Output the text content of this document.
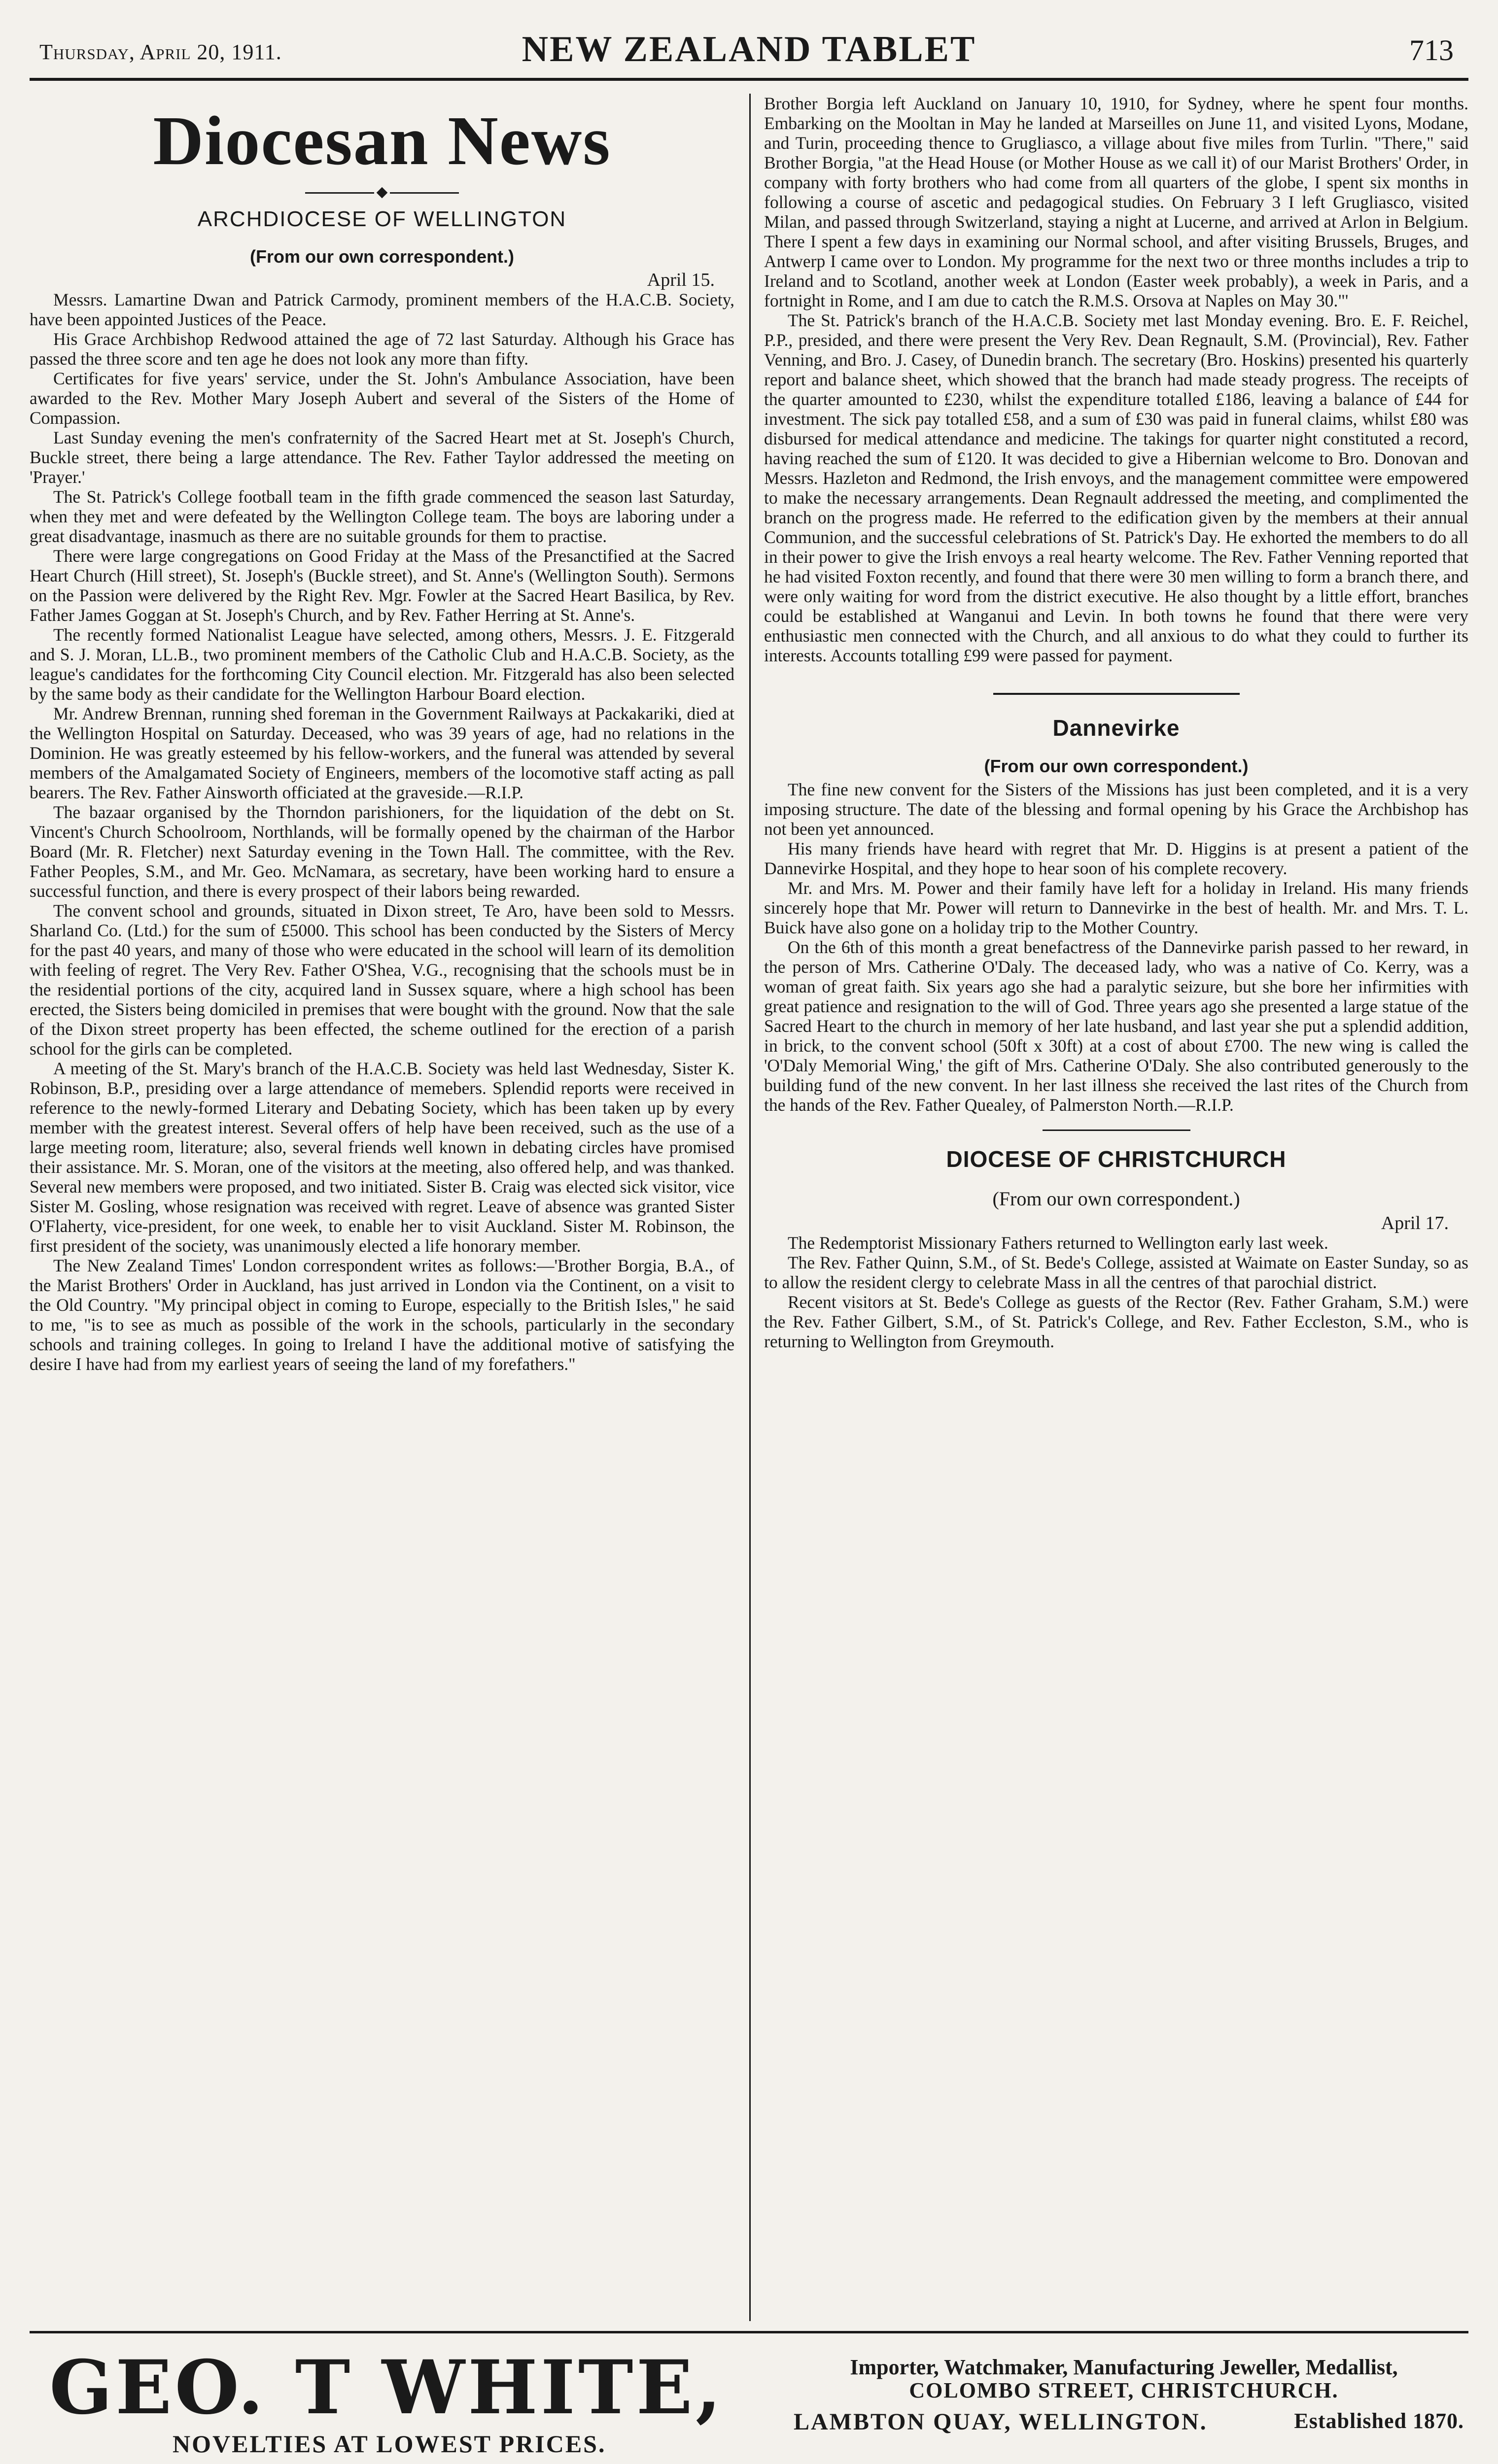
Thursday, April 20, 1911.	NEW ZEALAND TABLET	713
Diocesan News
ARCHDIOCESE OF WELLINGTON
(From our own correspondent.)

April 15.

Messrs. Lamartine Dwan and Patrick Carmody, prominent members of the H.A.C.B. Society, have been appointed Justices of the Peace.

His Grace Archbishop Redwood attained the age of 72 last Saturday. Although his Grace has passed the three score and ten age he does not look any more than fifty.

Certificates for five years' service, under the St. John's Ambulance Association, have been awarded to the Rev. Mother Mary Joseph Aubert and several of the Sisters of the Home of Compassion.

Last Sunday evening the men's confraternity of the Sacred Heart met at St. Joseph's Church, Buckle street, there being a large attendance. The Rev. Father Taylor addressed the meeting on 'Prayer.'

The St. Patrick's College football team in the fifth grade commenced the season last Saturday, when they met and were defeated by the Wellington College team. The boys are laboring under a great disadvantage, inasmuch as there are no suitable grounds for them to practise.

There were large congregations on Good Friday at the Mass of the Presanctified at the Sacred Heart Church (Hill street), St. Joseph's (Buckle street), and St. Anne's (Wellington South). Sermons on the Passion were delivered by the Right Rev. Mgr. Fowler at the Sacred Heart Basilica, by Rev. Father James Goggan at St. Joseph's Church, and by Rev. Father Herring at St. Anne's.

The recently formed Nationalist League have selected, among others, Messrs. J. E. Fitzgerald and S. J. Moran, LL.B., two prominent members of the Catholic Club and H.A.C.B. Society, as the league's candidates for the forthcoming City Council election. Mr. Fitzgerald has also been selected by the same body as their candidate for the Wellington Harbour Board election.

Mr. Andrew Brennan, running shed foreman in the Government Railways at Packakariki, died at the Wellington Hospital on Saturday. Deceased, who was 39 years of age, had no relations in the Dominion. He was greatly esteemed by his fellow-workers, and the funeral was attended by several members of the Amalgamated Society of Engineers, members of the locomotive staff acting as pall bearers. The Rev. Father Ainsworth officiated at the graveside.—R.I.P.

The bazaar organised by the Thorndon parishioners, for the liquidation of the debt on St. Vincent's Church Schoolroom, Northlands, will be formally opened by the chairman of the Harbor Board (Mr. R. Fletcher) next Saturday evening in the Town Hall. The committee, with the Rev. Father Peoples, S.M., and Mr. Geo. McNamara, as secretary, have been working hard to ensure a successful function, and there is every prospect of their labors being rewarded.

The convent school and grounds, situated in Dixon street, Te Aro, have been sold to Messrs. Sharland Co. (Ltd.) for the sum of £5000. This school has been conducted by the Sisters of Mercy for the past 40 years, and many of those who were educated in the school will learn of its demolition with feeling of regret. The Very Rev. Father O'Shea, V.G., recognising that the schools must be in the residential portions of the city, acquired land in Sussex square, where a high school has been erected, the Sisters being domiciled in premises that were bought with the ground. Now that the sale of the Dixon street property has been effected, the scheme outlined for the erection of a parish school for the girls can be completed.

A meeting of the St. Mary's branch of the H.A.C.B. Society was held last Wednesday, Sister K. Robinson, B.P., presiding over a large attendance of memebers. Splendid reports were received in reference to the newly-formed Literary and Debating Society, which has been taken up by every member with the greatest interest. Several offers of help have been received, such as the use of a large meeting room, literature; also, several friends well known in debating circles have promised their assistance. Mr. S. Moran, one of the visitors at the meeting, also offered help, and was thanked. Several new members were proposed, and two initiated. Sister B. Craig was elected sick visitor, vice Sister M. Gosling, whose resignation was received with regret. Leave of absence was granted Sister O'Flaherty, vice-president, for one week, to enable her to visit Auckland. Sister M. Robinson, the first president of the society, was unanimously elected a life honorary member.

The New Zealand Times' London correspondent writes as follows:—'Brother Borgia, B.A., of the Marist Brothers' Order in Auckland, has just arrived in London via the Continent, on a visit to the Old Country. "My principal object in coming to Europe, especially to the British Isles," he said to me, "is to see as much as possible of the work in the schools, particularly in the secondary schools and training colleges. In going to Ireland I have the additional motive of satisfying the desire I have had from my earliest years of seeing the land of my forefathers."

Brother Borgia left Auckland on January 10, 1910, for Sydney, where he spent four months. Embarking on the Mooltan in May he landed at Marseilles on June 11, and visited Lyons, Modane, and Turin, proceeding thence to Grugliasco, a village about five miles from Turlin. "There," said Brother Borgia, "at the Head House (or Mother House as we call it) of our Marist Brothers' Order, in company with forty brothers who had come from all quarters of the globe, I spent six months in following a course of ascetic and pedagogical studies. On February 3 I left Grugliasco, visited Milan, and passed through Switzerland, staying a night at Lucerne, and arrived at Arlon in Belgium. There I spent a few days in examining our Normal school, and after visiting Brussels, Bruges, and Antwerp I came over to London. My programme for the next two or three months includes a trip to Ireland and to Scotland, another week at London (Easter week probably), a week in Paris, and a fortnight in Rome, and I am due to catch the R.M.S. Orsova at Naples on May 30."'

The St. Patrick's branch of the H.A.C.B. Society met last Monday evening. Bro. E. F. Reichel, P.P., presided, and there were present the Very Rev. Dean Regnault, S.M. (Provincial), Rev. Father Venning, and Bro. J. Casey, of Dunedin branch. The secretary (Bro. Hoskins) presented his quarterly report and balance sheet, which showed that the branch had made steady progress. The receipts of the quarter amounted to £230, whilst the expenditure totalled £186, leaving a balance of £44 for investment. The sick pay totalled £58, and a sum of £30 was paid in funeral claims, whilst £80 was disbursed for medical attendance and medicine. The takings for quarter night constituted a record, having reached the sum of £120. It was decided to give a Hibernian welcome to Bro. Donovan and Messrs. Hazleton and Redmond, the Irish envoys, and the management committee were empowered to make the necessary arrangements. Dean Regnault addressed the meeting, and complimented the branch on the progress made. He referred to the edification given by the members at their annual Communion, and the successful celebrations of St. Patrick's Day. He exhorted the members to do all in their power to give the Irish envoys a real hearty welcome. The Rev. Father Venning reported that he had visited Foxton recently, and found that there were 30 men willing to form a branch there, and were only waiting for word from the district executive. He also thought by a little effort, branches could be established at Wanganui and Levin. In both towns he found that there were very enthusiastic men connected with the Church, and all anxious to do what they could to further its interests. Accounts totalling £99 were passed for payment.

Dannevirke
(From our own correspondent.)

The fine new convent for the Sisters of the Missions has just been completed, and it is a very imposing structure. The date of the blessing and formal opening by his Grace the Archbishop has not been yet announced.

His many friends have heard with regret that Mr. D. Higgins is at present a patient of the Dannevirke Hospital, and they hope to hear soon of his complete recovery.

Mr. and Mrs. M. Power and their family have left for a holiday in Ireland. His many friends sincerely hope that Mr. Power will return to Dannevirke in the best of health. Mr. and Mrs. T. L. Buick have also gone on a holiday trip to the Mother Country.

On the 6th of this month a great benefactress of the Dannevirke parish passed to her reward, in the person of Mrs. Catherine O'Daly. The deceased lady, who was a native of Co. Kerry, was a woman of great faith. Six years ago she had a paralytic seizure, but she bore her infirmities with great patience and resignation to the will of God. Three years ago she presented a large statue of the Sacred Heart to the church in memory of her late husband, and last year she put a splendid addition, in brick, to the convent school (50ft x 30ft) at a cost of about £700. The new wing is called the 'O'Daly Memorial Wing,' the gift of Mrs. Catherine O'Daly. She also contributed generously to the building fund of the new convent. In her last illness she received the last rites of the Church from the hands of the Rev. Father Quealey, of Palmerston North.—R.I.P.

DIOCESE OF CHRISTCHURCH
(From our own correspondent.)

April 17.

The Redemptorist Missionary Fathers returned to Wellington early last week.

The Rev. Father Quinn, S.M., of St. Bede's College, assisted at Waimate on Easter Sunday, so as to allow the resident clergy to celebrate Mass in all the centres of that parochial district.

Recent visitors at St. Bede's College as guests of the Rector (Rev. Father Graham, S.M.) were the Rev. Father Gilbert, S.M., of St. Patrick's College, and Rev. Father Eccleston, S.M., who is returning to Wellington from Greymouth.

GEO. T WHITE,
NOVELTIES AT LOWEST PRICES.
Importer, Watchmaker, Manufacturing Jeweller, Medallist,
COLOMBO STREET, CHRISTCHURCH.
LAMBTON QUAY, WELLINGTON.	Established 1870.
